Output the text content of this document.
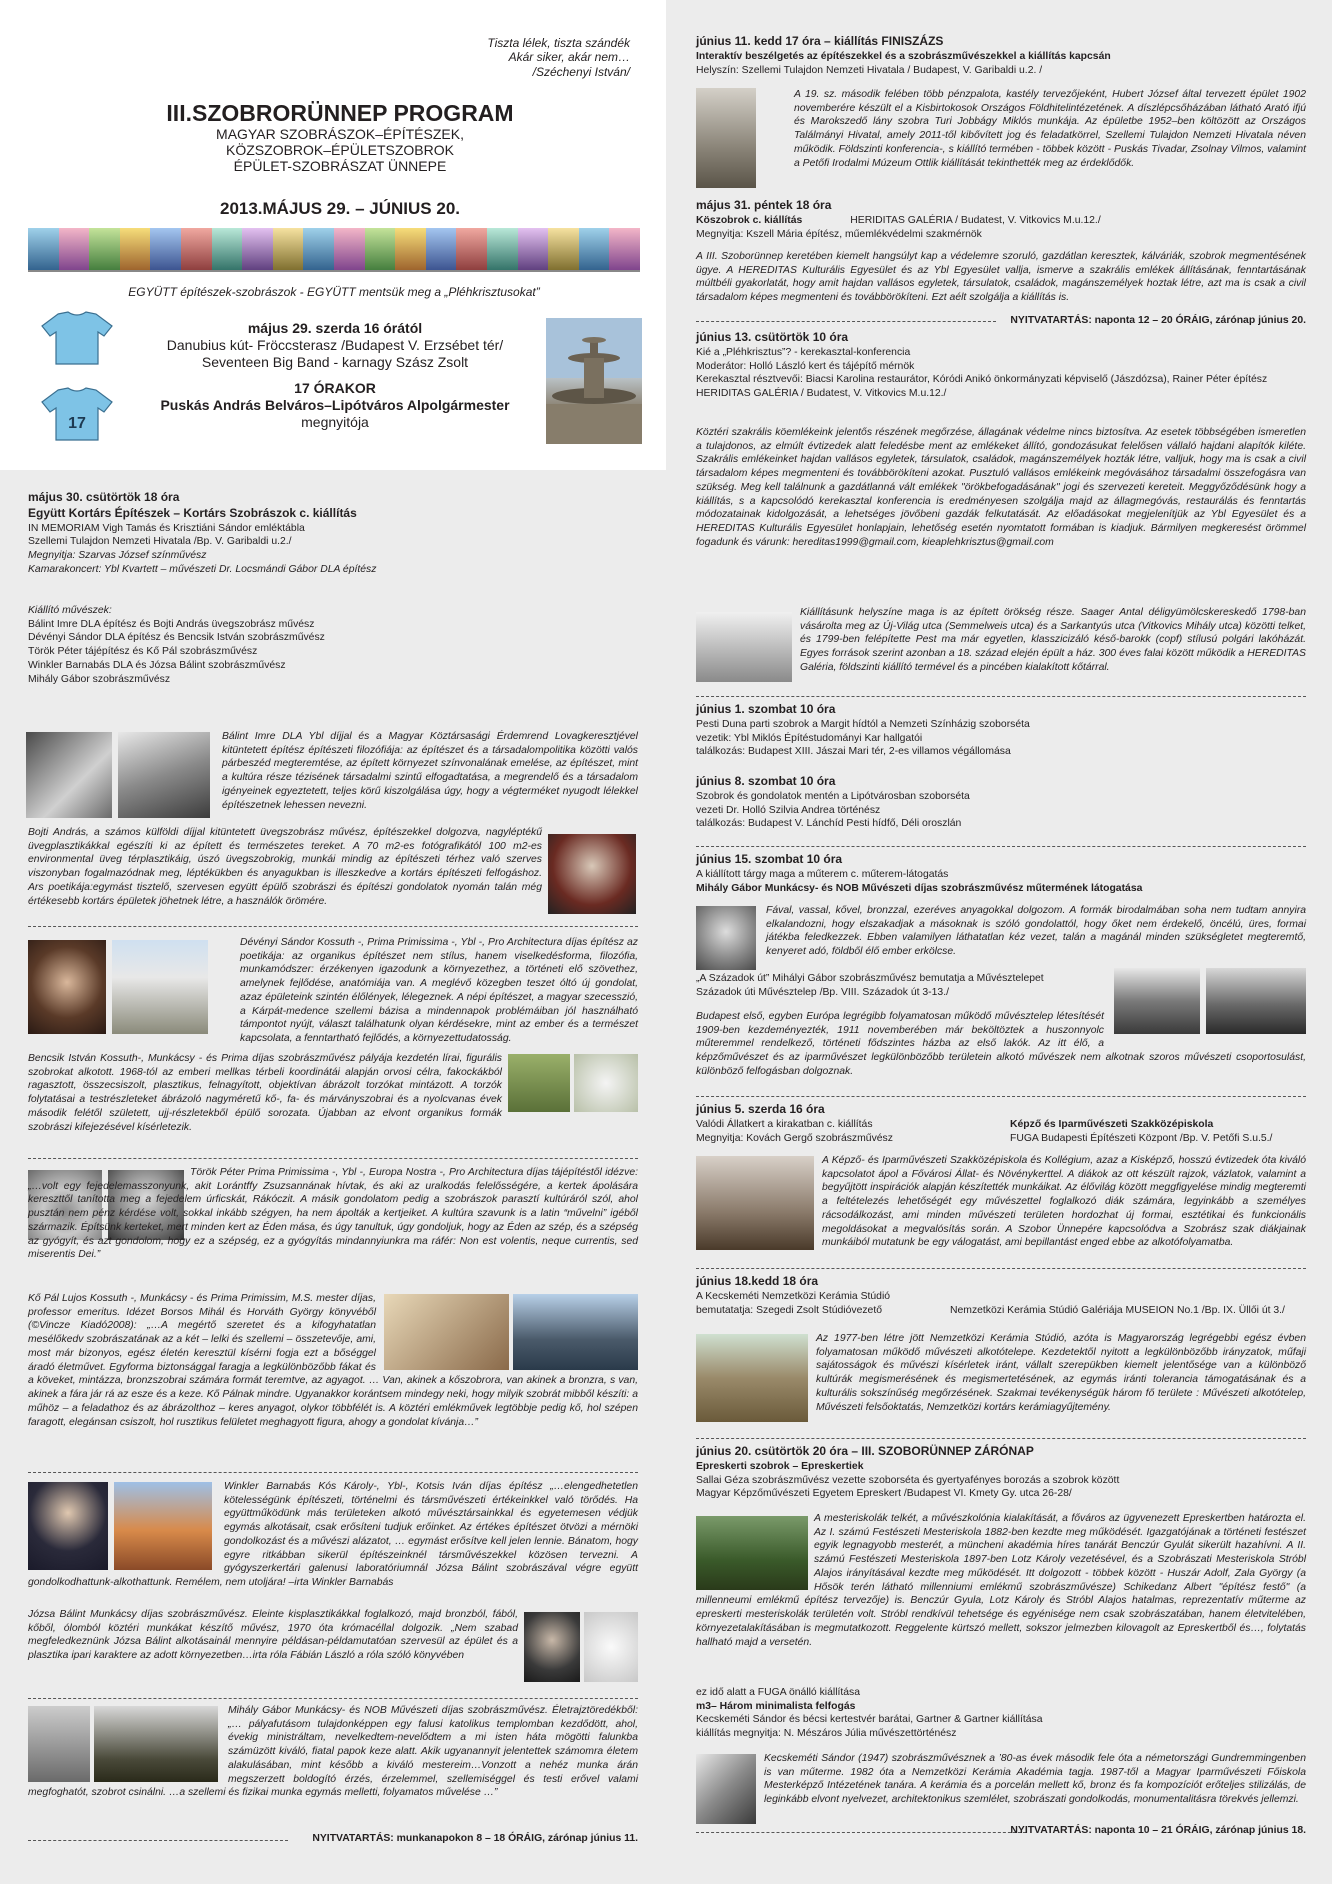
Tiszta lélek, tiszta szándék
Akár siker, akár nem…
/Széchenyi István/
III.SZOBRORÜNNEP PROGRAM
MAGYAR SZOBRÁSZOK–ÉPÍTÉSZEK,
KÖZSZOBROK–ÉPÜLETSZOBROK
ÉPÜLET-SZOBRÁSZAT ÜNNEPE
2013.MÁJUS 29. – JÚNIUS 20.
EGYÜTT építészek-szobrászok - EGYÜTT mentsük meg a „Pléhkrisztusokat”
17
május 29. szerda 16 órától
Danubius kút- Fröccsterasz /Budapest V. Erzsébet tér/
Seventeen Big Band - karnagy Szász Zsolt
17 ÓRAKOR
Puskás András Belváros–Lipótváros Alpolgármester
megnyitója
május 30. csütörtök 18 óra
Együtt Kortárs Építészek – Kortárs Szobrászok c. kiállítás
IN MEMORIAM Vigh Tamás és Krisztiáni Sándor emléktábla
Szellemi Tulajdon Nemzeti Hivatala /Bp. V. Garibaldi u.2./
Megnyitja: Szarvas József színművész
Kamarakoncert: Ybl Kvartett – művészeti Dr. Locsmándi Gábor DLA építész
Kiállító művészek:
Bálint Imre DLA építész és Bojti András üvegszobrász művész
Dévényi Sándor DLA építész és Bencsik István szobrászművész
Török Péter tájépítész és Kő Pál szobrászművész
Winkler Barnabás DLA és Józsa Bálint szobrászművész
Mihály Gábor szobrászművész
Bálint Imre DLA Ybl díjjal és a Magyar Köztársasági Érdemrend Lovagkeresztjével kitüntetett építész építészeti filozófiája: az építészet és a társadalompolitika közötti valós párbeszéd megteremtése, az épített környezet színvonalának emelése, az építészet, mint a kultúra része tézisének társadalmi szintű elfogadtatása, a megrendelő és a társadalom igényeinek egyeztetett, teljes körű kiszolgálása úgy, hogy a végterméket nyugodt lélekkel építészetnek lehessen nevezni.
Bojti András, a számos külföldi díjjal kitüntetett üvegszobrász művész, építészekkel dolgozva, nagyléptékű üvegplasztikákkal egészíti ki az épített és természetes tereket. A 70 m2-es fotógrafikától 100 m2-es environmental üveg térplasztikáig, úszó üvegszobrokig, munkái mindig az építészeti térhez való szerves viszonyban fogalmazódnak meg, léptékükben és anyagukban is illeszkedve a kortárs építészeti felfogáshoz. Ars poetikája:egymást tisztelő, szervesen együtt épülő szobrászi és építészi gondolatok nyomán talán még értékesebb kortárs épületek jöhetnek létre, a használók örömére.
Dévényi Sándor Kossuth -, Prima Primissima -, Ybl -, Pro Architectura díjas építész az poetikája: az organikus építészet nem stílus, hanem viselkedésforma, filozófia, munkamódszer: érzékenyen igazodunk a környezethez, a történeti elő szövethez, amelynek fejlődése, anatómiája van. A meglévő közegben teszet óltó új gondolat, azaz épületeink szintén élőlények, lélegeznek. A népi építészet, a magyar szecesszió, a Kárpát-medence szellemi bázisa a mindennapok problémáiban jól használható támpontot nyújt, választ találhatunk olyan kérdésekre, mint az ember és a természet kapcsolata, a fenntartható fejlődés, a környezettudatosság.
Bencsik István Kossuth-, Munkácsy - és Prima díjas szobrászművész pályája kezdetén lírai, figurális szobrokat alkotott. 1968-tól az emberi mellkas térbeli koordinátái alapján orvosi célra, fakockákból ragasztott, összecsiszolt, plasztikus, felnagyított, objektívan ábrázolt torzókat mintázott. A torzók folytatásai a testrészleteket ábrázoló nagyméretű kő-, fa- és márványszobrai és a nyolcvanas évek második felétől született, ujj-részletekből épülő sorozata. Újabban az elvont organikus formák szobrászi kifejezésével kísérletezik.
Török Péter Prima Primissima -, Ybl -, Europa Nostra -, Pro Architectura díjas tájépítéstől idézve: „…volt egy fejedelemasszonyunk, akit Lorántffy Zsuzsannának hívtak, és aki az uralkodás felelősségére, a kertek ápolására kereszttől tanította meg a fejedelem úrficskát, Rákóczit. A másik gondolatom pedig a szobrászok parasztí kultúráról szól, ahol pusztán nem pénz kérdése volt, sokkal inkább szégyen, ha nem ápolták a kertjeiket. A kultúra szavunk is a latin “művelni” igéből származik. Építsünk kerteket, mert minden kert az Éden mása, és úgy tanultuk, úgy gondoljuk, hogy az Éden az szép, és a szépség az gyógyít, és azt gondolom, hogy ez a szépség, ez a gyógyítás mindannyiunkra ma ráfér: Non est volentis, neque currentis, sed miserentis Dei.”
Kő Pál Lujos Kossuth -, Munkácsy - és Prima Primissim, M.S. mester díjas, professor emeritus. Idézet Borsos Mihál és Horváth György könyvéből (©Vincze Kiadó2008): „…A megértő szeretet és a kifogyhatatlan mesélőkedv szobrászatának az a két – lelki és szellemi – összetevője, ami, most már bizonyos, egész életén keresztül kísérni fogja ezt a bőséggel áradó életművet. Egyforma biztonsággal faragja a legkülönbözőbb fákat és a köveket, mintázza, bronzszobrai számára formát teremtve, az agyagot. … Van, akinek a kőszobrora, van akinek a bronzra, s van, akinek a fára jár rá az esze és a keze. Kő Pálnak mindre. Ugyanakkor korántsem mindegy neki, hogy milyik szobrát mibből készíti: a műhöz – a feladathoz és az ábrázolthoz – keres anyagot, olykor többfélét is. A köztéri emlékművek legtöbbje pedig kő, hol szépen faragott, elegánsan csiszolt, hol rusztikus felületet meghagyott figura, ahogy a gondolat kívánja…”
Winkler Barnabás Kós Károly-, Ybl-, Kotsis Iván díjas építész „…elengedhetetlen kötelességünk építészeti, történelmi és társművészeti értékeinkkel való törődés. Ha együttműködünk más területeken alkotó művésztársainkkal és egyetemesen védjük egymás alkotásait, csak erősíteni tudjuk erőinket. Az értékes építészet ötvözi a mérnöki gondolkozást és a művészi alázatot, … egymást erősítve kell jelen lennie. Bánatom, hogy egyre ritkábban sikerül építészeinknél társművészekkel közösen tervezni. A gyógyszerkertári galenusi laboratóriumnál Józsa Bálint szobrászával végre együtt gondolkodhattunk-alkothattunk. Remélem, nem utoljára! –irta Winkler Barnabás
Józsa Bálint Munkácsy díjas szobrászművész. Eleinte kisplasztikákkal foglalkozó, majd bronzból, fából, kőből, ólomból köztéri munkákat készítő művész, 1970 óta krómacéllal dolgozik. „Nem szabad megfeledkeznünk Józsa Bálint alkotásainál mennyire példásan-példamutatóan szervesül az épület és a plasztika ipari karaktere az adott környezetben…irta róla Fábián László a róla szóló könyvében
Mihály Gábor Munkácsy- és NOB Művészeti díjas szobrászművész. Életrajztöredékből: „… pályafutásom tulajdonképpen egy falusi katolikus templomban kezdődött, ahol, évekig ministráltam, nevelkedtem-nevelődtem a mi isten háta mögötti falunkba számüzött kiváló, fiatal papok keze alatt. Akik ugyanannyit jelentettek számomra életem alakulásában, mint később a kiváló mestereim…Vonzott a nehéz munka árán megszerzett boldogító érzés, érzelemmel, szellemiséggel és testi erővel valami megfoghatót, szobrot csinálni. …a szellemi és fizikai munka egymás melletti, folyamatos művelése …”
NYITVATARTÁS: munkanapokon 8 – 18 ÓRÁIG, zárónap június 11.
június 11. kedd 17 óra – kiállítás FINISZÁZS
Interaktív beszélgetés az építészekkel és a szobrászművészekkel a kiállítás kapcsán
Helyszín: Szellemi Tulajdon Nemzeti Hivatala / Budapest, V. Garibaldi u.2. /
A 19. sz. második felében több pénzpalota, kastély tervezőjeként, Hubert József által tervezett épület 1902 novemberére készült el a Kisbirtokosok Országos Földhitelintézetének. A díszlépcsőházában látható Arató ifjú és Marokszedő lány szobra Turi Jobbágy Miklós munkája. Az épületbe 1952–ben költözött az Országos Találmányi Hivatal, amely 2011-től kibővített jog és feladatkörrel, Szellemi Tulajdon Nemzeti Hivatala néven működik. Földszinti konferencia-, s kiállító termében - többek között - Puskás Tivadar, Zsolnay Vilmos, valamint a Petőfi Irodalmi Múzeum Ottlik kiállítását tekinthették meg az érdeklődők.
május 31. péntek 18 óra
Köszobrok c. kiállítás	HERIDITAS GALÉRIA / Budatest, V. Vitkovics M.u.12./
Megnyitja: Kszell Mária építész, műemlékvédelmi szakmérnök
A III. Szoborünnep keretében kiemelt hangsúlyt kap a védelemre szoruló, gazdátlan keresztek, kálváriák, szobrok megmentésének ügye. A HEREDITAS Kulturális Egyesület és az Ybl Egyesület vallja, ismerve a szakrális emlékek állításának, fenntartásának múltbéli gyakorlatát, hogy amit hajdan vallásos egyletek, társulatok, családok, magánszemélyek hoztak létre, azt ma is csak a civil társadalom képes megmenteni és továbbörökíteni. Ezt aélt szolgálja a kiállítás is.
NYITVATARTÁS: naponta 12 – 20 ÓRÁIG, zárónap június 20.
június 13. csütörtök 10 óra
Kié a „Pléhkrisztus”? - kerekasztal-konferencia
Moderátor: Holló László kert és tájépítő mérnök
Kerekasztal résztvevői: Biacsi Karolina restaurátor, Kóródi Anikó önkormányzati képviselő (Jászdózsa), Rainer Péter építész
HERIDITAS GALÉRIA / Budatest, V. Vitkovics M.u.12./
Köztéri szakrális köemlékeink jelentős részének megőrzése, állagának védelme nincs biztosítva. Az esetek többségében ismeretlen a tulajdonos, az elmúlt évtizedek alatt feledésbe ment az emlékeket állító, gondozásukat felelősen vállaló hajdani alapítók kilétе. Szakrális emlékeinket hajdan vallásos egyletek, társulatok, családok, magánszemélyek hozták létre, valljuk, hogy ma is csak a civil társadalom képes megmenteni és továbbörökíteni azokat. Pusztuló vallásos emlékeink megóvásához társadalmi összefogásra van szükség. Meg kell találnunk a gazdátlanná vált emlékek "örökbefogadásának" jogi és szervezeti kereteit. Meggyőződésünk hogy a kiállítás, s a kapcsolódó kerekasztal konferencia is eredményesen szolgálja majd az állagmegóvás, restaurálás és fenntartás módozatainak kidolgozását, a lehetséges jövőbeni gazdák felkutatását. Az előadásokat megjelenítjük az Ybl Egyesület és a HEREDITAS Kulturális Egyesület honlapjain, lehetőség esetén nyomtatott formában is kiadjuk. Bármilyen megkeresést örömmel fogadunk és várunk: hereditas1999@gmail.com, kieaplehkrisztus@gmail.com
Kiállításunk helyszíne maga is az épített örökség része. Saager Antal déligyümölcskereskedő 1798-ban vásárolta meg az Új-Világ utca (Semmelweis utca) és a Sarkantyús utca (Vitkovics Mihály utca) közötti telket, és 1799-ben felépítette Pest ma már egyetlen, klasszicizáló késő-barokk (copf) stílusú polgári lakóházát. Egyes források szerint azonban a 18. század elején épült a ház. 300 éves falai között működik a HEREDITAS Galéria, földszinti kiállító termével és a pincében kialakított kőtárral.
június 1. szombat 10 óra
Pesti Duna parti szobrok a Margit hídtól a Nemzeti Színházig szoborséta
vezetik: Ybl Miklós Építéstudományi Kar hallgatói
találkozás: Budapest XIII. Jászai Mari tér, 2-es villamos végállomása
június 8. szombat 10 óra
Szobrok és gondolatok mentén a Lipótvárosban szoborséta
vezeti Dr. Holló Szilvia Andrea történész
találkozás: Budapest V. Lánchíd Pesti hídfő, Déli oroszlán
június 15. szombat 10 óra
A kiállított tárgy maga a műterem c. műterem-látogatás
Mihály Gábor Munkácsy- és NOB Művészeti díjas szobrászművész műtermének látogatása
Fával, vassal, kővel, bronzzal, ezeréves anyagokkal dolgozom. A formák birodalmában soha nem tudtam annyira elkalandozni, hogy elszakadjak a másoknak is szóló gondolattól, hogy őket nem érdekelő, öncélú, üres, formai játékba feledkezzek. Ebben valamilyen láthatatlan kéz vezet, talán a magánál minden szükségletet megteremtő, kenyeret adó, földből élő ember erkölcse.
„A Századok út” Mihályi Gábor szobrászművész bemutatja a Művésztelepet
Századok úti Művésztelep /Bp. VIII. Századok út 3-13./
Budapest első, egyben Európa legrégibb folyamatosan működő művésztelep létesítését 1909-ben kezdeményezték, 1911 novemberében már beköltöztek a huszonnyolc műteremmel rendelkező, történeti fődszintes házba az első lakók. Az itt élő, a képzőművészet és az iparművészet legkülönbözőbb területein alkotó művészek nem alkotnak szoros művészeti csoportosulást, különböző felfogásban dolgoznak.
június 5. szerda 16 óra
Valódi Állatkert a kirakatban c. kiállítás	Képző és Iparművészeti Szakközépiskola
Megnyitja: Kovách Gergő szobrászművész	FUGA Budapesti Építészeti Központ /Bp. V. Petőfi S.u.5./
A Képző- és Iparművészeti Szakközépiskola és Kollégium, azaz a Kisképző, hosszú évtizedek óta kiváló kapcsolatot ápol a Fővárosi Állat- és Növénykerttel. A diákok az ott készült rajzok, vázlatok, valamint a begyűjtött inspirációk alapján készítették munkáikat. Az élővilág között meggfigyelése mindig megteremti a feltételezés lehetőségét egy művészettel foglalkozó diák számára, legyinkább a személyes rácsodálkozást, ami minden művészeti területen hordozhat új formai, esztétikai és funkcionális megoldásokat a megvalósítás során. A Szobor Ünnepére kapcsolódva a Szobrász szak diákjainak munkáiból mutatunk be egy válogatást, ami bepillantást enged ebbe az alkotófolyamatba.
június 18.kedd 18 óra
A Kecskeméti Nemzetközi Kerámia Stúdió
bemutatatja: Szegedi Zsolt Stúdióvezető	Nemzetközi Kerámia Stúdió Galériája MUSEION No.1 /Bp. IX. Üllői út 3./
Az 1977-ben létre jött Nemzetközi Kerámia Stúdió, azóta is Magyarország legrégebbi egész évben folyamatosan működő művészeti alkotótelepe. Kezdetektől nyitott a legkülönbözőbb irányzatok, műfaji sajátosságok és művészi kísérletek iránt, vállalt szerepükben kiemelt jelentősége van a különböző kultúrák megismerésének és megismertetésének, az egymás iránti tolerancia támogatásának és a kulturális sokszínűség megőrzésének. Szakmai tevékenységük három fő területe : Művészeti alkotótelep, Művészeti felsőoktatás, Nemzetközi kortárs kerámiagyűjtemény.
június 20. csütörtök 20 óra – III. SZOBORÜNNEP ZÁRÓNAP
Epreskerti szobrok – Epreskertiek
Sallai Géza szobrászművész vezette szoborséta és gyertyafényes borozás a szobrok között
Magyar Képzőművészeti Egyetem Epreskert /Budapest VI. Kmety Gy. utca 26-28/
A mesteriskolák telkét, a művészkolónia kialakítását, a főváros az ügyvenezett Epreskertben határozta el. Az I. számú Festészeti Mesteriskola 1882-ben kezdte meg működését. Igazgatójának a történeti festészet egyik legnagyobb mesterét, a müncheni akadémia híres tanárát Benczúr Gyulát sikerült hazahívni. A II. számú Festészeti Mesteriskola 1897-ben Lotz Károly vezetésével, és a Szobrászati Mesteriskola Stróbl Alajos irányításával kezdte meg működését. Itt dolgozott - többek között - Huszár Adolf, Zala György (a Hősök terén látható millenniumi emlékmű szobrászművésze) Schikedanz Albert "építész festő" (a millenneumi emlékmű építész tervezője) is. Benczúr Gyula, Lotz Károly és Stróbl Alajos hatalmas, reprezentatív műterme az epreskerti mesteriskolák területén volt. Stróbl rendkívül tehetsége és egyénisége nem csak szobrászatában, hanem életvitelében, környezetalakításában is megmutatkozott. Reggelente kürtszó mellett, sokszor jelmezben kilovagolt az Epreskertből és…, folytatás hallható majd a versetén.
ez idő alatt a FUGA önálló kiállítása
m3– Három minimalista felfogás
Kecskeméti Sándor és bécsi kertestvér barátai, Gartner & Gartner kiállítása
kiállítás megnyitja: N. Mészáros Júlia művészettörténész
Kecskeméti Sándor (1947) szobrászművésznek a ’80-as évek második fele óta a németországi Gundremmingenben is van műterme. 1982 óta a Nemzetközi Kerámia Akadémia tagja. 1987-től a Magyar Iparművészeti Főiskola Mesterképző Intézetének tanára. A kerámia és a porcelán mellett kő, bronz és fa kompozíciót erőteljes stilizálás, de leginkább elvont nyelvezet, architektonikus szemlélet, szobrászati gondolkodás, monumentalitásra törekvés jellemzi.
NYITVATARTÁS: naponta 10 – 21 ÓRÁIG, zárónap június 18.
